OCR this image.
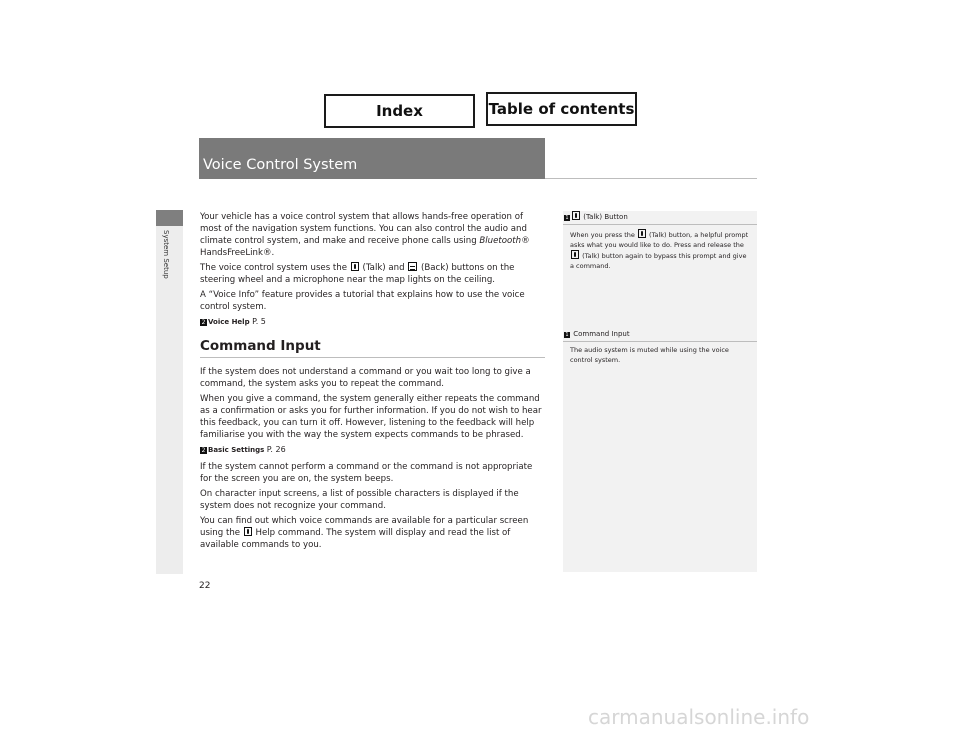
Index	Table of contents
Voice Control System
System Setup

Your vehicle has a voice control system that allows hands-free operation of most of the navigation system functions. You can also control the audio and climate control system, and make and receive phone calls using Bluetooth® HandsFreeLink®.

The voice control system uses the  (Talk) and  (Back) buttons on the steering wheel and a microphone near the map lights on the ceiling.

A “Voice Info” feature provides a tutorial that explains how to use the voice control system.

2 Voice Help P. 5
Command Input

If the system does not understand a command or you wait too long to give a command, the system asks you to repeat the command.

When you give a command, the system generally either repeats the command as a confirmation or asks you for further information. If you do not wish to hear this feedback, you can turn it off. However, listening to the feedback will help familiarise you with the way the system expects commands to be phrased.

2 Basic Settings P. 26

If the system cannot perform a command or the command is not appropriate for the screen you are on, the system beeps.

On character input screens, a list of possible characters is displayed if the system does not recognize your command.

You can find out which voice commands are available for a particular screen using the  Help command. The system will display and read the list of available commands to you.

1 (Talk) Button
When you press the  (Talk) button, a helpful prompt asks what you would like to do. Press and release the  (Talk) button again to bypass this prompt and give a command.
1 Command Input
The audio system is muted while using the voice control system.
22
carmanualsonline.info
